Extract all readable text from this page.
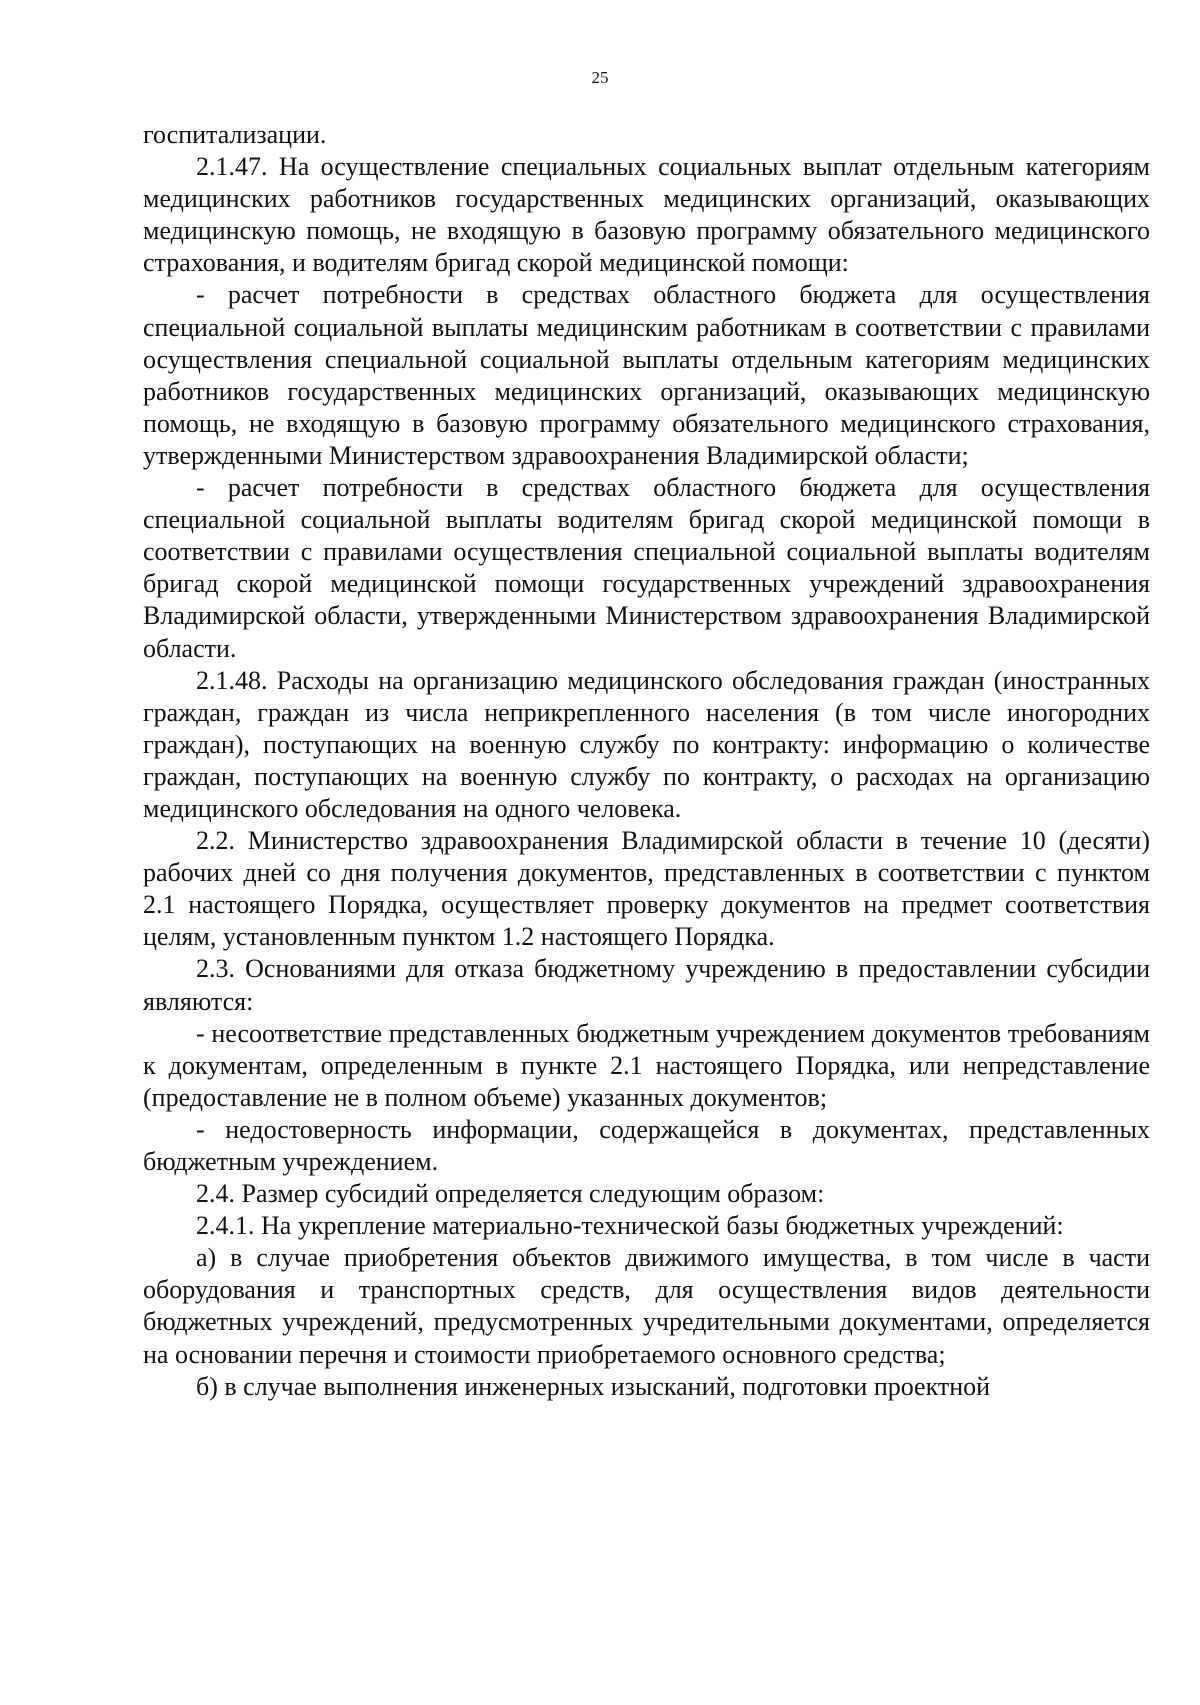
25

госпитализации.

2.1.47. На осуществление специальных социальных выплат отдельным категориям медицинских работников государственных медицинских организаций, оказывающих медицинскую помощь, не входящую в базовую программу обязательного медицинского страхования, и водителям бригад скорой медицинской помощи:

- расчет потребности в средствах областного бюджета для осуществления специальной социальной выплаты медицинским работникам в соответствии с правилами осуществления специальной социальной выплаты отдельным категориям медицинских работников государственных медицинских организаций, оказывающих медицинскую помощь, не входящую в базовую программу обязательного медицинского страхования, утвержденными Министерством здравоохранения Владимирской области;

- расчет потребности в средствах областного бюджета для осуществления специальной социальной выплаты водителям бригад скорой медицинской помощи в соответствии с правилами осуществления специальной социальной выплаты водителям бригад скорой медицинской помощи государственных учреждений здравоохранения Владимирской области, утвержденными Министерством здравоохранения Владимирской области.

2.1.48. Расходы на организацию медицинского обследования граждан (иностранных граждан, граждан из числа неприкрепленного населения (в том числе иногородних граждан), поступающих на военную службу по контракту: информацию о количестве граждан, поступающих на военную службу по контракту, о расходах на организацию медицинского обследования на одного человека.

2.2. Министерство здравоохранения Владимирской области в течение 10 (десяти) рабочих дней со дня получения документов, представленных в соответствии с пунктом 2.1 настоящего Порядка, осуществляет проверку документов на предмет соответствия целям, установленным пунктом 1.2 настоящего Порядка.

2.3. Основаниями для отказа бюджетному учреждению в предоставлении субсидии являются:

- несоответствие представленных бюджетным учреждением документов требованиям к документам, определенным в пункте 2.1 настоящего Порядка, или непредставление (предоставление не в полном объеме) указанных документов;

- недостоверность информации, содержащейся в документах, представленных бюджетным учреждением.

2.4. Размер субсидий определяется следующим образом:

2.4.1. На укрепление материально-технической базы бюджетных учреждений:

а) в случае приобретения объектов движимого имущества, в том числе в части оборудования и транспортных средств, для осуществления видов деятельности бюджетных учреждений, предусмотренных учредительными документами, определяется на основании перечня и стоимости приобретаемого основного средства;

б) в случае выполнения инженерных изысканий, подготовки проектной
